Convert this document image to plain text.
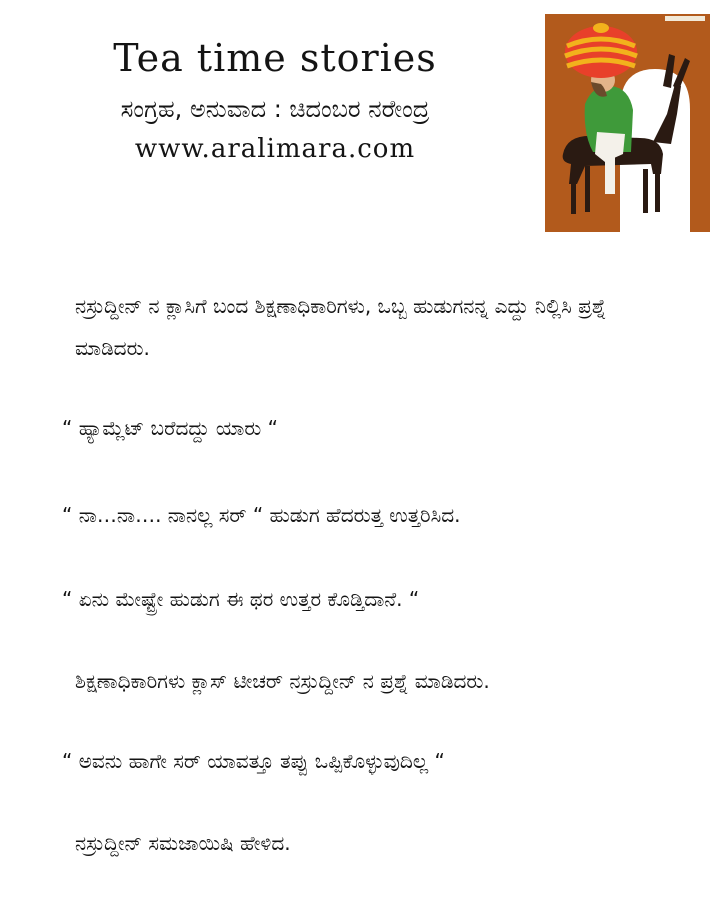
Tea time stories
ಸಂಗ್ರಹ, ಅನುವಾದ : ಚಿದಂಬರ ನರೇಂದ್ರ
www.aralimara.com

ನಸ್ರುದ್ದೀನ್ ನ ಕ್ಲಾಸಿಗೆ ಬಂದ ಶಿಕ್ಷಣಾಧಿಕಾರಿಗಳು, ಒಬ್ಬ ಹುಡುಗನನ್ನ ಎದ್ದು ನಿಲ್ಲಿಸಿ ಪ್ರಶ್ನೆ ಮಾಡಿದರು.

“ ಹ್ಯಾಮ್ಲೆಟ್ ಬರೆದದ್ದು ಯಾರು “

“ ನಾ…ನಾ…. ನಾನಲ್ಲ ಸರ್ “ ಹುಡುಗ ಹೆದರುತ್ತ ಉತ್ತರಿಸಿದ.

“ ಏನು ಮೇಷ್ಟ್ರೇ ಹುಡುಗ ಈ ಥರ ಉತ್ತರ ಕೊಡ್ತಿದಾನೆ. “

ಶಿಕ್ಷಣಾಧಿಕಾರಿಗಳು ಕ್ಲಾಸ್ ಟೀಚರ್ ನಸ್ರುದ್ದೀನ್ ನ ಪ್ರಶ್ನೆ ಮಾಡಿದರು.

“ ಅವನು ಹಾಗೇ ಸರ್ ಯಾವತ್ತೂ ತಪ್ಪು ಒಪ್ಪಿಕೊಳ್ಳುವುದಿಲ್ಲ “

ನಸ್ರುದ್ದೀನ್ ಸಮಜಾಯಿಷಿ ಹೇಳಿದ.
